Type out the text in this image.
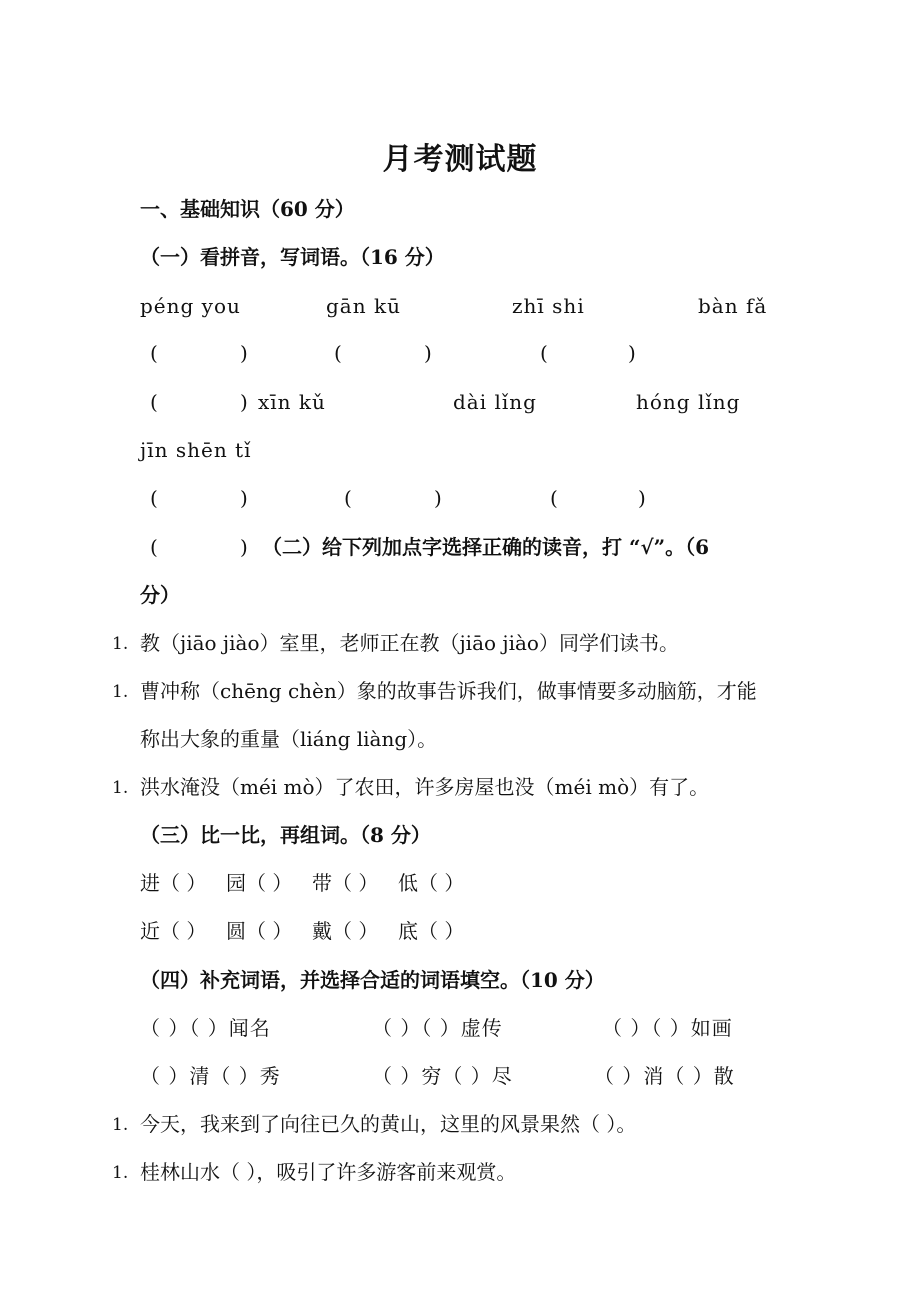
月考测试题
一、基础知识（60 分）
（一）看拼音，写词语。（16 分）
péng you	gān kū	zhī shi	bàn fǎ
(	)	(	)	(	)
(	) xīn kǔ	dài lǐng	hóng lǐng
jīn shēn tǐ
(	)	(	)	(	)
(	) （二）给下列加点字选择正确的读音，打 “√”。（6
分）
1. 教（jiāo jiào）室里，老师正在教（jiāo jiào）同学们读书。
1. 曹冲称（chēng chèn）象的故事告诉我们，做事情要多动脑筋，才能
称出大象的重量（liáng liàng）。
1. 洪水淹没（méi mò）了农田，许多房屋也没（méi mò）有了。
（三）比一比，再组词。（8 分）
进（ ） 园（ ） 带（ ） 低（ ）
近（ ） 圆（ ） 戴（ ） 底（ ）
（四）补充词语，并选择合适的词语填空。（10 分）
（ ）（ ）闻名	（ ）（ ）虚传	（ ）（ ）如画
（ ）清（ ）秀	（ ）穷（ ）尽	（ ）消（ ）散
1. 今天，我来到了向往已久的黄山，这里的风景果然（ ）。
1. 桂林山水（ ），吸引了许多游客前来观赏。
